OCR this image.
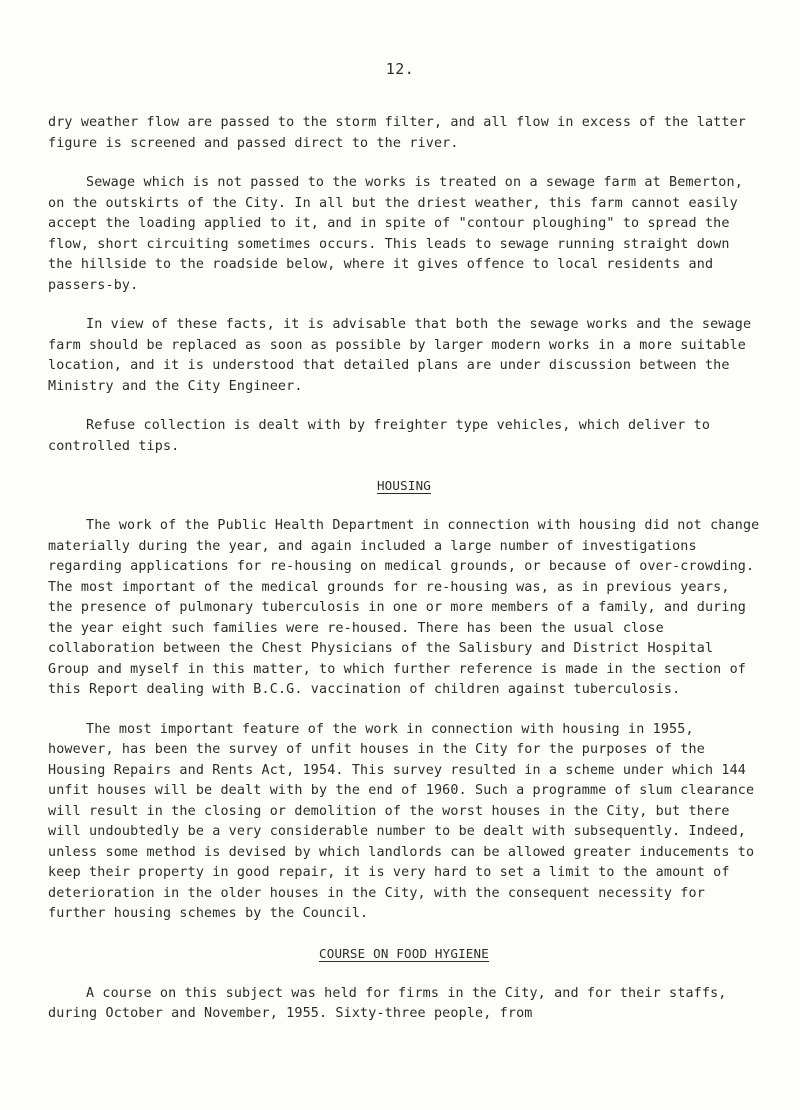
12.

dry weather flow are passed to the storm filter, and all flow in excess of the latter figure is screened and passed direct to the river.

Sewage which is not passed to the works is treated on a sewage farm at Bemerton, on the outskirts of the City. In all but the driest weather, this farm cannot easily accept the loading applied to it, and in spite of "contour ploughing" to spread the flow, short circuiting sometimes occurs. This leads to sewage running straight down the hillside to the roadside below, where it gives offence to local residents and passers-by.

In view of these facts, it is advisable that both the sewage works and the sewage farm should be replaced as soon as possible by larger modern works in a more suitable location, and it is understood that detailed plans are under discussion between the Ministry and the City Engineer.

Refuse collection is dealt with by freighter type vehicles, which deliver to controlled tips.

HOUSING

The work of the Public Health Department in connection with housing did not change materially during the year, and again included a large number of investigations regarding applications for re-housing on medical grounds, or because of over-crowding. The most important of the medical grounds for re-housing was, as in previous years, the presence of pulmonary tuberculosis in one or more members of a family, and during the year eight such families were re-housed. There has been the usual close collaboration between the Chest Physicians of the Salisbury and District Hospital Group and myself in this matter, to which further reference is made in the section of this Report dealing with B.C.G. vaccination of children against tuberculosis.

The most important feature of the work in connection with housing in 1955, however, has been the survey of unfit houses in the City for the purposes of the Housing Repairs and Rents Act, 1954. This survey resulted in a scheme under which 144 unfit houses will be dealt with by the end of 1960. Such a programme of slum clearance will result in the closing or demolition of the worst houses in the City, but there will undoubtedly be a very considerable number to be dealt with subsequently. Indeed, unless some method is devised by which landlords can be allowed greater inducements to keep their property in good repair, it is very hard to set a limit to the amount of deterioration in the older houses in the City, with the consequent necessity for further housing schemes by the Council.

COURSE ON FOOD HYGIENE

A course on this subject was held for firms in the City, and for their staffs, during October and November, 1955. Sixty-three people, from
